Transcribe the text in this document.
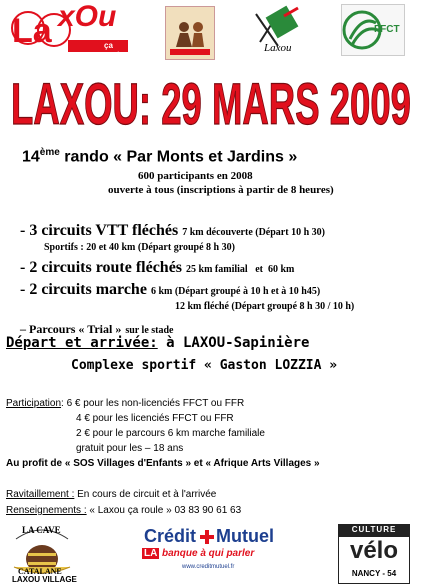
La xOu
ça route
Laxou
FFCT
LAXOU: 29 MARS 2009
14ème rando « Par Monts et Jardins »
600 participants en 2008
ouverte à tous (inscriptions à partir de 8 heures)
- 3 circuits VTT fléchés 7 km découverte (Départ 10 h 30)
Sportifs : 20 et 40 km (Départ groupé 8 h 30)
- 2 circuits route fléchés 25 km familial   et  60 km
- 2 circuits marche 6 km (Départ groupé à 10 h et à 10 h45)
12 km fléché (Départ groupé 8 h 30 / 10 h)
– Parcours « Trial » sur le stade
Départ et arrivée: à LAXOU-Sapinière
Complexe sportif « Gaston LOZZIA »
Participation: 6 € pour les non-licenciés FFCT ou FFR
4 € pour les licenciés FFCT ou FFR
2 € pour le parcours 6 km marche familiale
gratuit pour les – 18 ans
Au profit de « SOS Villages d'Enfants » et « Afrique Arts Villages »
Ravitaillement : En cours de circuit et à l'arrivée
Renseignements : « Laxou ça roule » 03 83 90 61 63
LA CAVE
CATALANE
LAXOU VILLAGE
Crédit Mutuel
LA banque à qui parler
www.creditmutuel.fr
CULTURE
vélo
NANCY - 54
